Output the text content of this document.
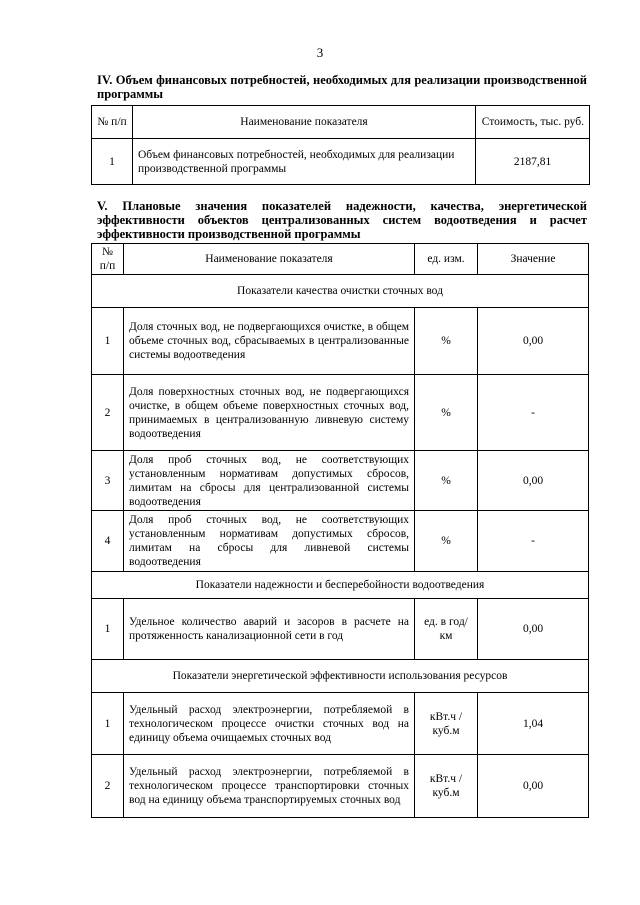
3
IV. Объем финансовых потребностей, необходимых для реализации производственной программы
№ п/п	Наименование показателя	Стоимость, тыс. руб.
1	Объем финансовых потребностей, необходимых для реализации производственной программы	2187,81
V. Плановые значения показателей надежности, качества, энергетической эффективности объектов централизованных систем водоотведения и расчет эффективности производственной программы
№ п/п	Наименование показателя	ед. изм.	Значение
Показатели качества очистки сточных вод			
1	Доля сточных вод, не подвергающихся очистке, в общем объеме сточных вод, сбрасываемых в централизованные системы водоотведения	%	0,00
2	Доля поверхностных сточных вод, не подвергающихся очистке, в общем объеме поверхностных сточных вод, принимаемых в централизованную ливневую систему водоотведения	%	-
3	Доля проб сточных вод, не соответствующих установленным нормативам допустимых сбросов, лимитам на сбросы для централизованной системы водоотведения	%	0,00
4	Доля проб сточных вод, не соответствующих установленным нормативам допустимых сбросов, лимитам на сбросы для ливневой системы водоотведения	%	-
Показатели надежности и бесперебойности водоотведения			
1	Удельное количество аварий и засоров в расчете на протяженность канализационной сети в год	ед. в год/ км	0,00
Показатели энергетической эффективности использования ресурсов			
1	Удельный расход электроэнергии, потребляемой в технологическом процессе очистки сточных вод на единицу объема очищаемых сточных вод	кВт.ч / куб.м	1,04
2	Удельный расход электроэнергии, потребляемой в технологическом процессе транспортировки сточных вод на единицу объема транспортируемых сточных вод	кВт.ч / куб.м	0,00
